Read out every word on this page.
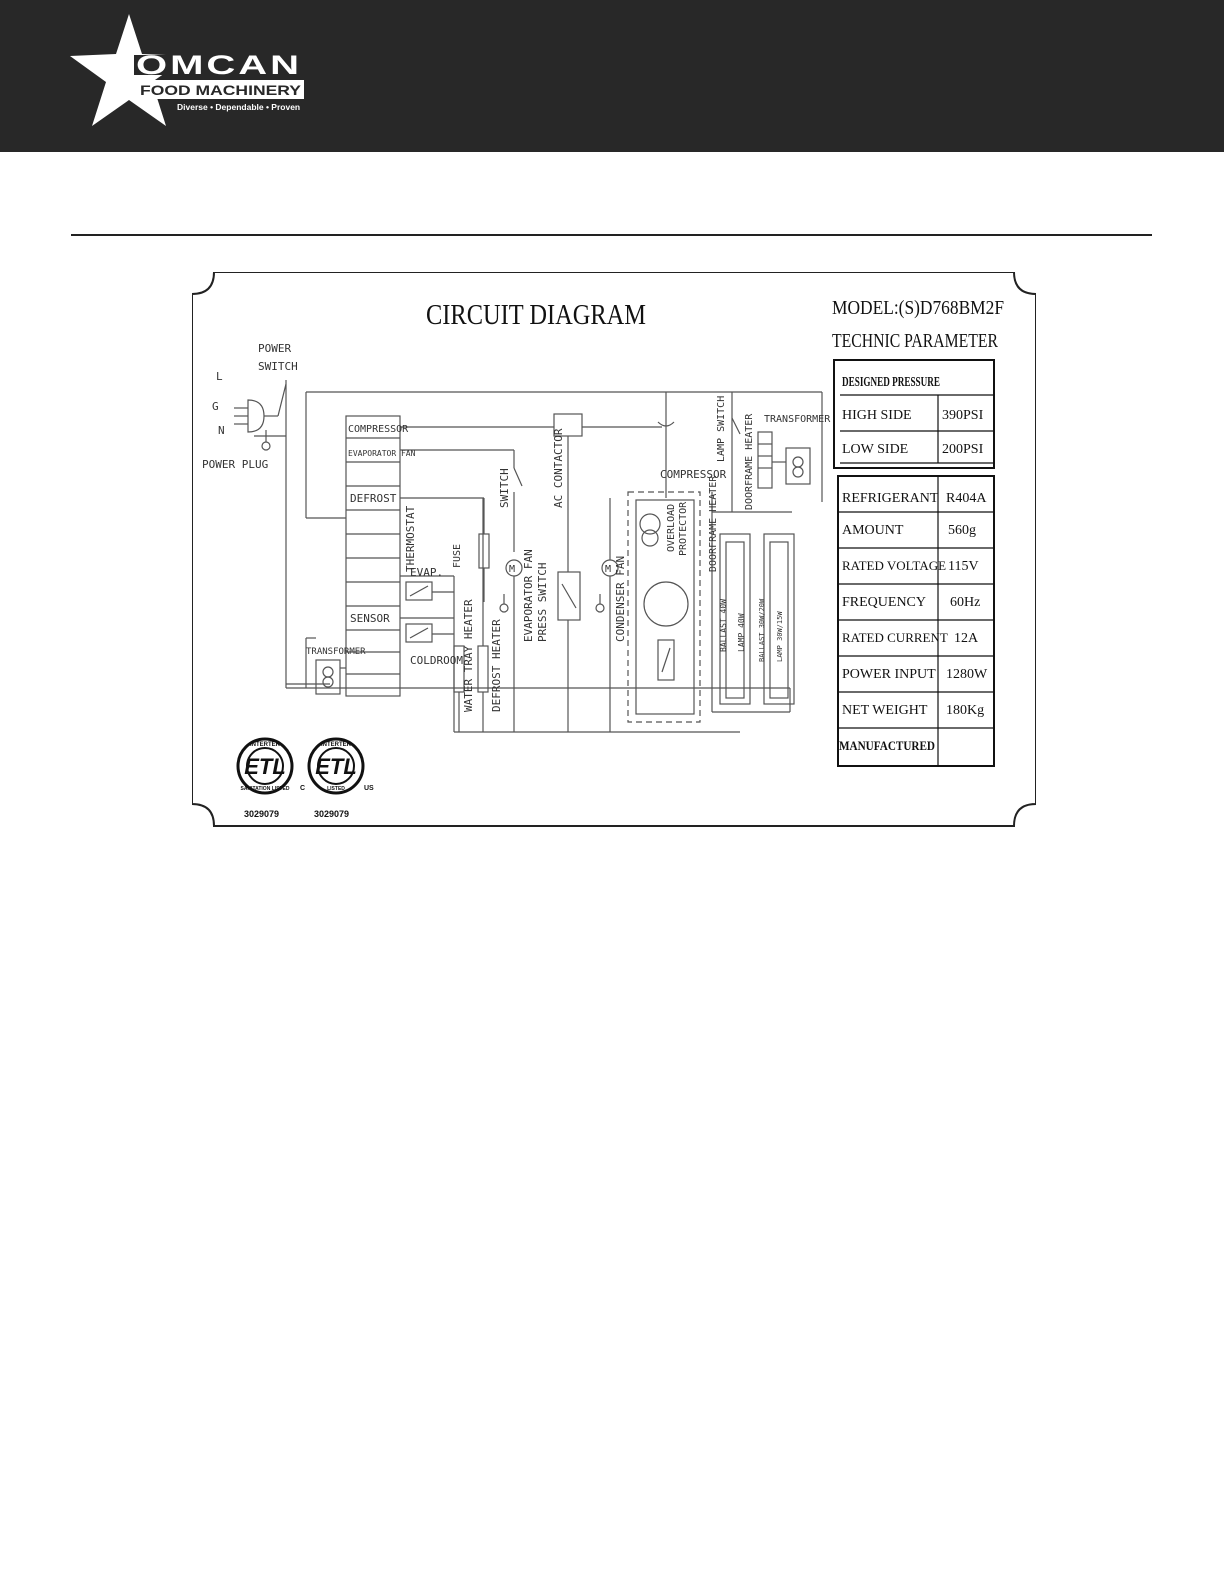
OMCAN
FOOD MACHINERY
Diverse • Dependable • Proven
CIRCUIT DIAGRAM	MODEL:(S)D768BM2F
TECHNIC PARAMETER
M	M
POWER
SWITCH
L
G
N
POWER PLUG
COMPRESSOR
EVAPORATOR FAN
DEFROST
SENSOR
EVAP.
COLDROOM
TRANSFORMER
FUSE
THERMOSTAT
SWITCH	AC CONTACTOR
EVAPORATOR FAN PRESS SWITCH
WATER TRAY HEATER DEFROST HEATER
CONDENSER FAN
COMPRESSOR
OVERLOAD PROTECTOR DOORFRAME HEATER
LAMP SWITCH DOORFRAME HEATER TRANSFORMER
BALLAST 40W LAMP 40W BALLAST 30W/20W LAMP 30W/15W
DESIGNED PRESSURE
HIGH SIDE 390PSI
LOW SIDE 200PSI
REFRIGERANT R404A
AMOUNT	560g
RATED VOLTAGE 115V
FREQUENCY 60Hz
RATED CURRENT 12A
POWER INPUT 1280W
NET WEIGHT 180Kg
MANUFACTURED
ETL
INTERTEK
SANITATION LISTED
3029079
ETL
INTERTEK
LISTED
C	US
3029079
